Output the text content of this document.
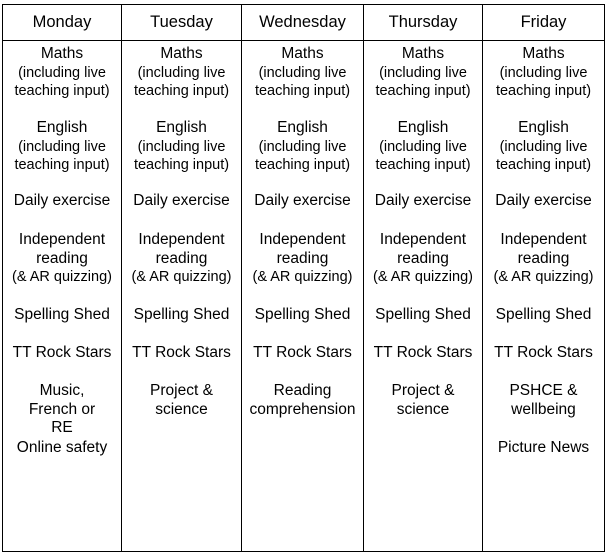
Monday
Maths
(including live teaching input)
English
(including live teaching input)
Daily exercise
Independent reading
(& AR quizzing)
Spelling Shed
TT Rock Stars
Music, French or RE
Online safety
Tuesday
Maths
(including live teaching input)
English
(including live teaching input)
Daily exercise
Independent reading
(& AR quizzing)
Spelling Shed
TT Rock Stars
Project & science
Wednesday
Maths
(including live teaching input)
English
(including live teaching input)
Daily exercise
Independent reading
(& AR quizzing)
Spelling Shed
TT Rock Stars
Reading comprehension
Thursday
Maths
(including live teaching input)
English
(including live teaching input)
Daily exercise
Independent reading
(& AR quizzing)
Spelling Shed
TT Rock Stars
Project & science
Friday
Maths
(including live teaching input)
English
(including live teaching input)
Daily exercise
Independent reading
(& AR quizzing)
Spelling Shed
TT Rock Stars
PSHCE & wellbeing
Picture News
